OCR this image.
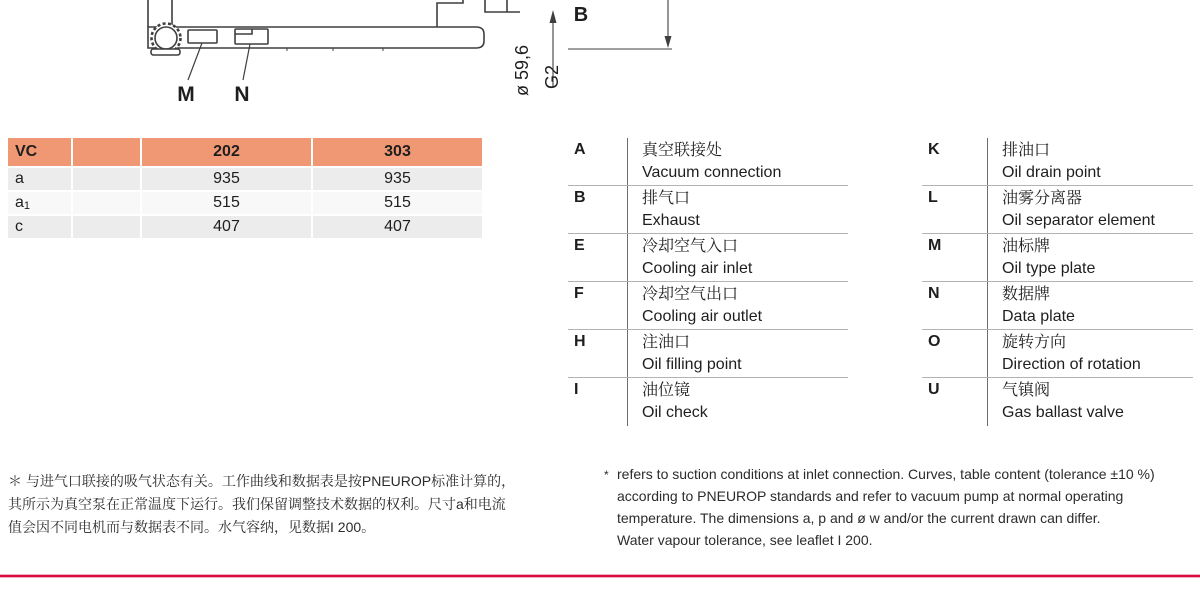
M N
B
ø 59,6 G2
VC	202	303
a	935	935
a1	515	515
c	407	407
A	真空联接处
Vacuum connection
B	排气口
Exhaust
E	冷却空气入口
Cooling air inlet
F	冷却空气出口
Cooling air outlet
H	注油口
Oil filling point
I	油位镜
Oil check
K	排油口
Oil drain point
L	油雾分离器
Oil separator element
M	油标牌
Oil type plate
N	数据牌
Data plate
O	旋转方向
Direction of rotation
U	气镇阀
Gas ballast valve
＊ 与进气口联接的吸气状态有关。工作曲线和数据表是按PNEUROP标准计算的，
其所示为真空泵在正常温度下运行。我们保留调整技术数据的权利。尺寸a和电流
值会因不同电机而与数据表不同。水气容纳，见数据I 200。
* refers to suction conditions at inlet connection. Curves, table content (tolerance ±10 %)
according to PNEUROP standards and refer to vacuum pump at normal operating
temperature. The dimensions a, p and ø w and/or the current drawn can differ.
Water vapour tolerance, see leaflet I 200.
